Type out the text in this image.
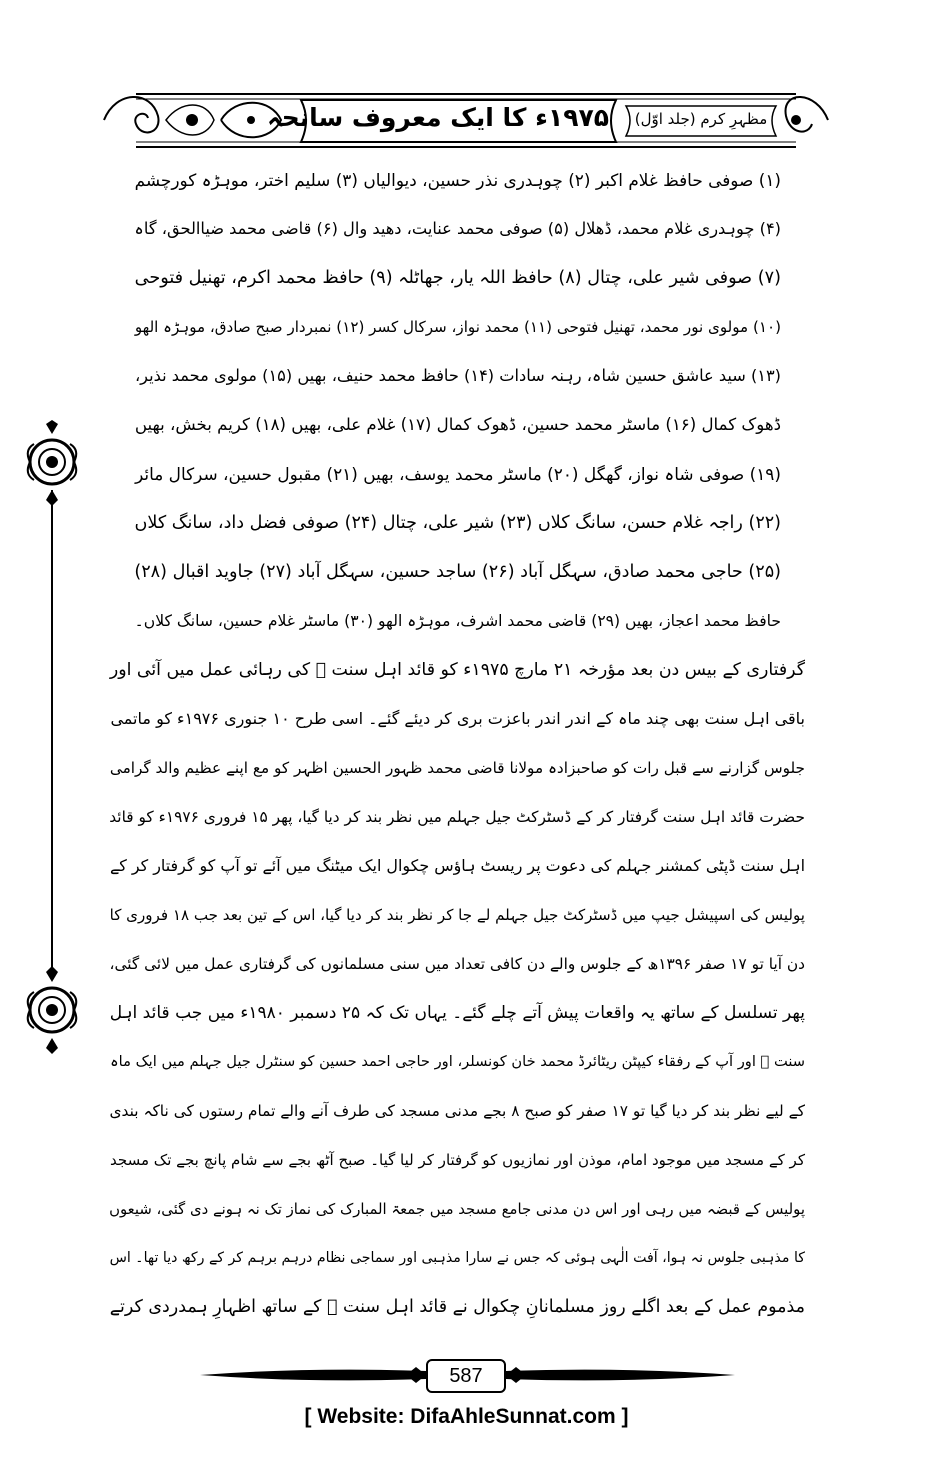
۱۹۷۵ء کا ایک معروف سانحہ	مظہرِ کرم (جلد اوّل)
(۱) صوفی حافظ غلام اکبر (۲) چوہدری نذر حسین، دیوالیاں (۳) سلیم اختر، موہڑہ کورچشم
(۴) چوہدری غلام محمد، ڈھلال (۵) صوفی محمد عنایت، دھید وال (۶) قاضی محمد ضیاالحق، گاہ
(۷) صوفی شیر علی، چتال (۸) حافظ اللہ یار، جھاٹلہ (۹) حافظ محمد اکرم، تھنیل فتوحی
(۱۰) مولوی نور محمد، تھنیل فتوحی (۱۱) محمد نواز، سرکال کسر (۱۲) نمبردار صبح صادق، موہڑہ الھو
(۱۳) سید عاشق حسین شاہ، رہنہ سادات (۱۴) حافظ محمد حنیف، بھیں (۱۵) مولوی محمد نذیر،
ڈھوک کمال (۱۶) ماسٹر محمد حسین، ڈھوک کمال (۱۷) غلام علی، بھیں (۱۸) کریم بخش، بھیں
(۱۹) صوفی شاہ نواز، گھگل (۲۰) ماسٹر محمد یوسف، بھیں (۲۱) مقبول حسین، سرکال مائر
(۲۲) راجہ غلام حسن، سانگ کلاں (۲۳) شیر علی، چتال (۲۴) صوفی فضل داد، سانگ کلاں
(۲۵) حاجی محمد صادق، سہگل آباد (۲۶) ساجد حسین، سہگل آباد (۲۷) جاوید اقبال (۲۸)
حافظ محمد اعجاز، بھیں (۲۹) قاضی محمد اشرف، موہڑہ الھو (۳۰) ماسٹر غلام حسین، سانگ کلاں۔
گرفتاری کے بیس دن بعد مؤرخہ ۲۱ مارچ ۱۹۷۵ء کو قائد اہل سنت ﷫ کی رہائی عمل میں آئی اور
باقی اہل سنت بھی چند ماہ کے اندر اندر باعزت بری کر دیئے گئے۔ اسی طرح ۱۰ جنوری ۱۹۷۶ء کو ماتمی
جلوس گزارنے سے قبل رات کو صاحبزادہ مولانا قاضی محمد ظہور الحسین اظہر کو مع اپنے عظیم والد گرامی
حضرت قائد اہل سنت گرفتار کر کے ڈسٹرکٹ جیل جہلم میں نظر بند کر دیا گیا، پھر ۱۵ فروری ۱۹۷۶ء کو قائد
اہل سنت ڈپٹی کمشنر جہلم کی دعوت پر ریسٹ ہاؤس چکوال ایک میٹنگ میں آئے تو آپ کو گرفتار کر کے
پولیس کی اسپیشل جیپ میں ڈسٹرکٹ جیل جہلم لے جا کر نظر بند کر دیا گیا، اس کے تین بعد جب ۱۸ فروری کا
دن آیا تو ۱۷ صفر ۱۳۹۶ھ کے جلوس والے دن کافی تعداد میں سنی مسلمانوں کی گرفتاری عمل میں لائی گئی،
پھر تسلسل کے ساتھ یہ واقعات پیش آتے چلے گئے۔ یہاں تک کہ ۲۵ دسمبر ۱۹۸۰ء میں جب قائد اہل
سنت ﷫ اور آپ کے رفقاء کیپٹن ریٹائرڈ محمد خان کونسلر، اور حاجی احمد حسین کو سنٹرل جیل جہلم میں ایک ماہ
کے لیے نظر بند کر دیا گیا تو ۱۷ صفر کو صبح ۸ بجے مدنی مسجد کی طرف آنے والے تمام رستوں کی ناکہ بندی
کر کے مسجد میں موجود امام، موذن اور نمازیوں کو گرفتار کر لیا گیا۔ صبح آٹھ بجے سے شام پانچ بجے تک مسجد
پولیس کے قبضہ میں رہی اور اس دن مدنی جامع مسجد میں جمعۃ المبارک کی نماز تک نہ ہونے دی گئی، شیعوں
کا مذہبی جلوس نہ ہوا، آفت الٰہی ہوئی کہ جس نے سارا مذہبی اور سماجی نظام درہم برہم کر کے رکھ دیا تھا۔ اس
مذموم عمل کے بعد اگلے روز مسلمانانِ چکوال نے قائد اہل سنت ﷫ کے ساتھ اظہارِ ہمدردی کرتے
587
[ Website: DifaAhleSunnat.com ]
